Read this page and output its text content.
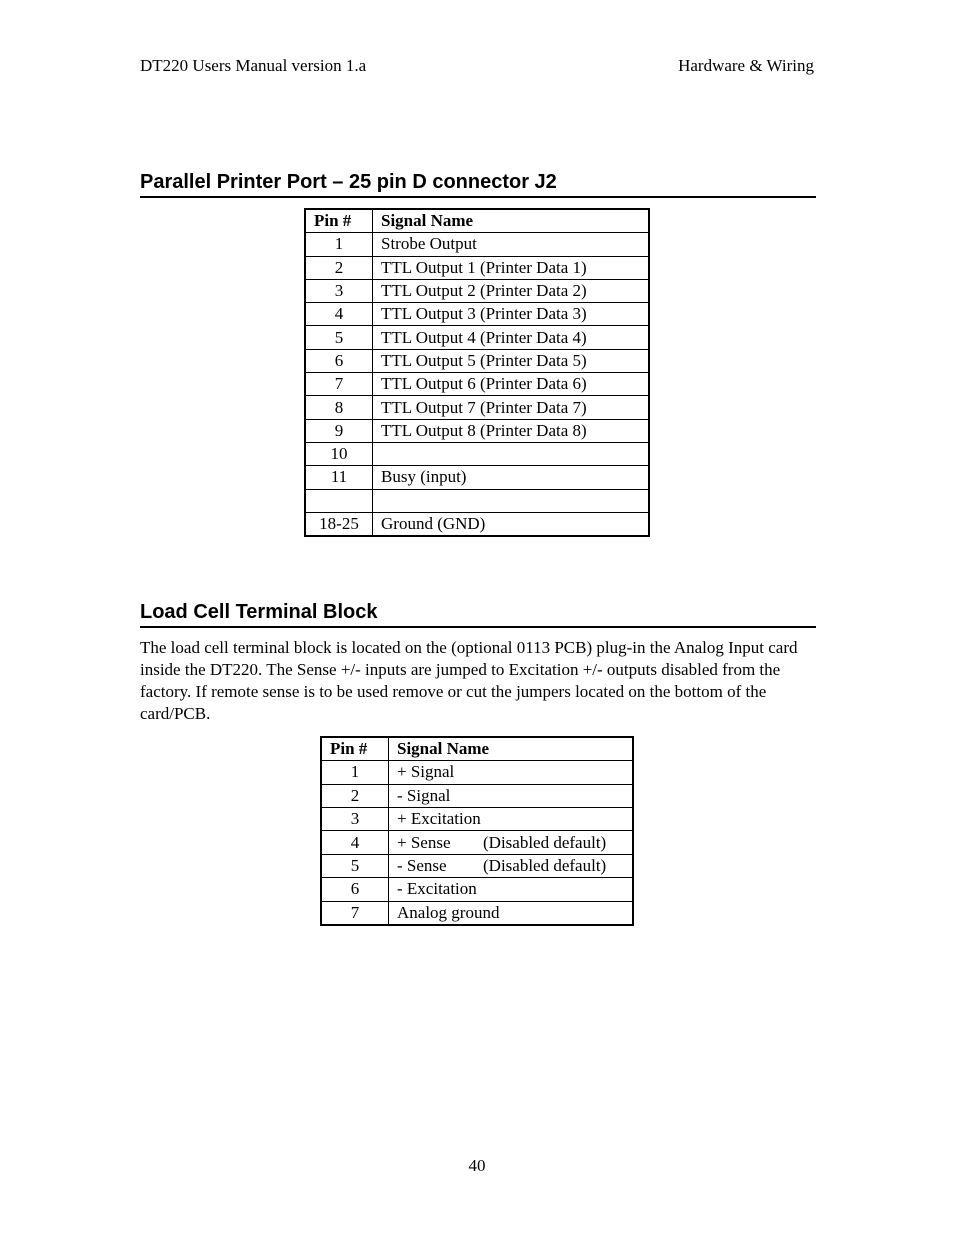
DT220 Users Manual version 1.a	Hardware & Wiring
Parallel Printer Port – 25 pin D connector J2
Pin #	Signal Name
1	Strobe Output
2	TTL Output 1 (Printer Data 1)
3	TTL Output 2 (Printer Data 2)
4	TTL Output 3 (Printer Data 3)
5	TTL Output 4 (Printer Data 4)
6	TTL Output 5 (Printer Data 5)
7	TTL Output 6 (Printer Data 6)
8	TTL Output 7 (Printer Data 7)
9	TTL Output 8 (Printer Data 8)
10	
11	Busy (input)

18-25	Ground (GND)
Load Cell Terminal Block

The load cell terminal block is located on the (optional 0113 PCB) plug-in the Analog Input card inside the DT220. The Sense +/- inputs are jumped to Excitation +/- outputs disabled from the factory. If remote sense is to be used remove or cut the jumpers located on the bottom of the card/PCB.

Pin #	Signal Name
1	+ Signal
2	- Signal
3	+ Excitation
4	+ Sense (Disabled default)
5	- Sense (Disabled default)
6	- Excitation
7	Analog ground
40
